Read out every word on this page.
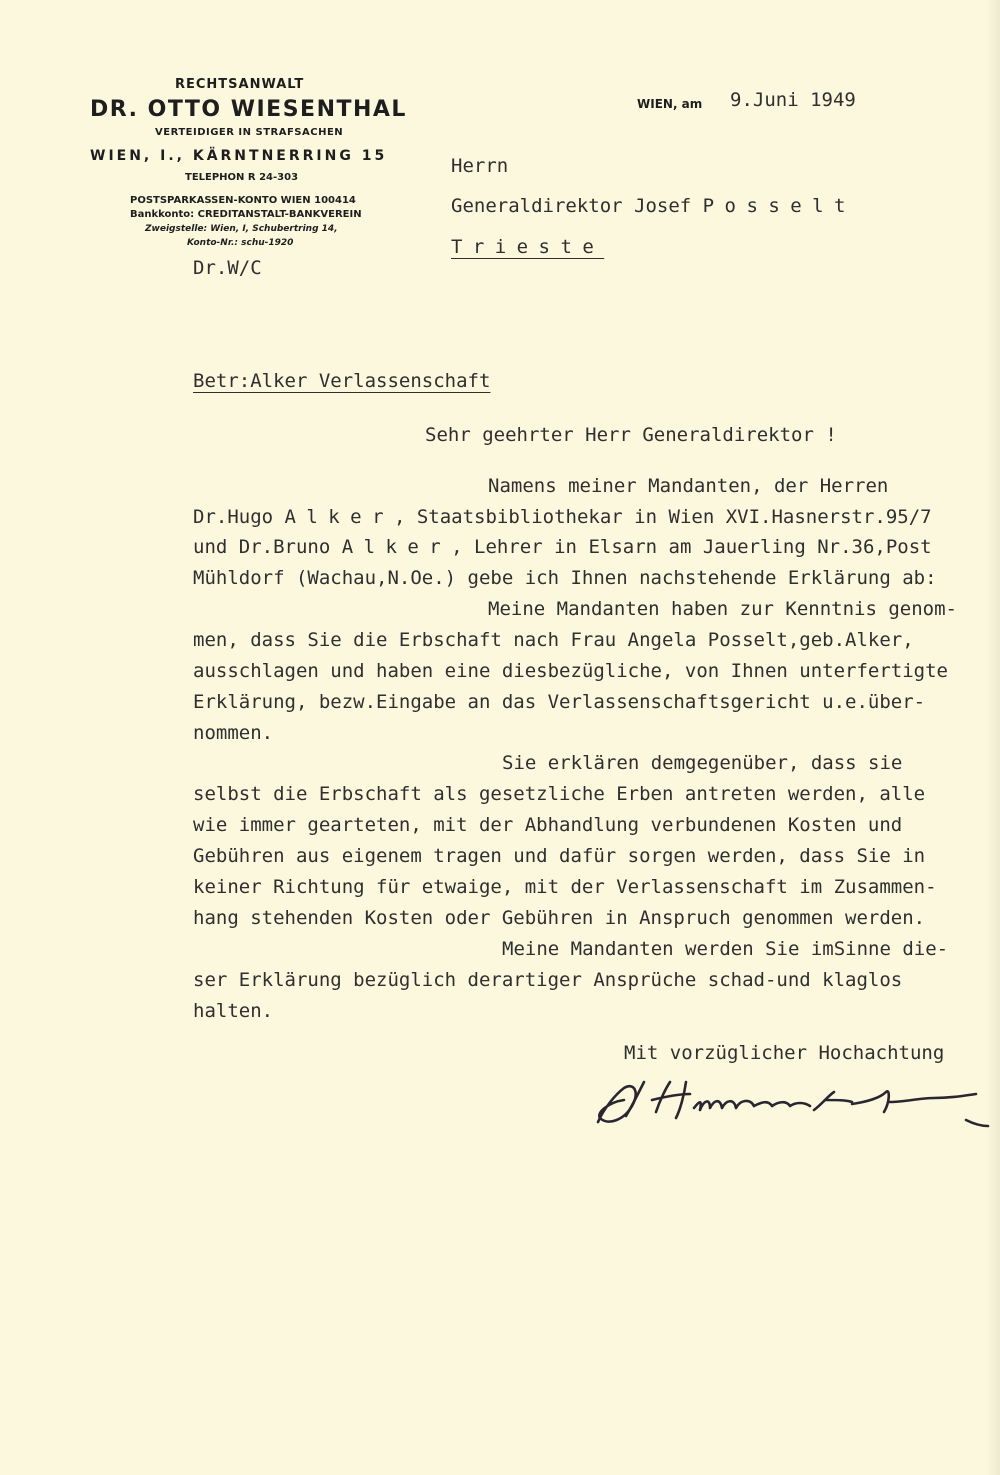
RECHTSANWALT
DR. OTTO WIESENTHAL
VERTEIDIGER IN STRAFSACHEN
WIEN, I., KÄRNTNERRING 15
TELEPHON R 24-303
POSTSPARKASSEN-KONTO WIEN 100414
Bankkonto: CREDITANSTALT-BANKVEREIN
Zweigstelle: Wien, I, Schubertring 14,
Konto-Nr.: schu-1920
Dr.W/C
WIEN, am 9.Juni 1949
Herrn
Generaldirektor Josef Posselt
Trieste
Betr:Alker Verlassenschaft
Sehr geehrter Herr Generaldirektor !
Namens meiner Mandanten, der Herren
Dr.Hugo Alker, Staatsbibliothekar in Wien XVI.Hasnerstr.95/7
und Dr.Bruno Alker, Lehrer in Elsarn am Jauerling Nr.36,Post
Mühldorf (Wachau,N.Oe.) gebe ich Ihnen nachstehende Erklärung ab:
Meine Mandanten haben zur Kenntnis genom-
men, dass Sie die Erbschaft nach Frau Angela Posselt,geb.Alker,
ausschlagen und haben eine diesbezügliche, von Ihnen unterfertigte
Erklärung, bezw.Eingabe an das Verlassenschaftsgericht u.e.über-
nommen.
Sie erklären demgegenüber, dass sie
selbst die Erbschaft als gesetzliche Erben antreten werden, alle
wie immer gearteten, mit der Abhandlung verbundenen Kosten und
Gebühren aus eigenem tragen und dafür sorgen werden, dass Sie in
keiner Richtung für etwaige, mit der Verlassenschaft im Zusammen-
hang stehenden Kosten oder Gebühren in Anspruch genommen werden.
Meine Mandanten werden Sie imSinne die-
ser Erklärung bezüglich derartiger Ansprüche schad-und klaglos
halten.
Mit vorzüglicher Hochachtung
